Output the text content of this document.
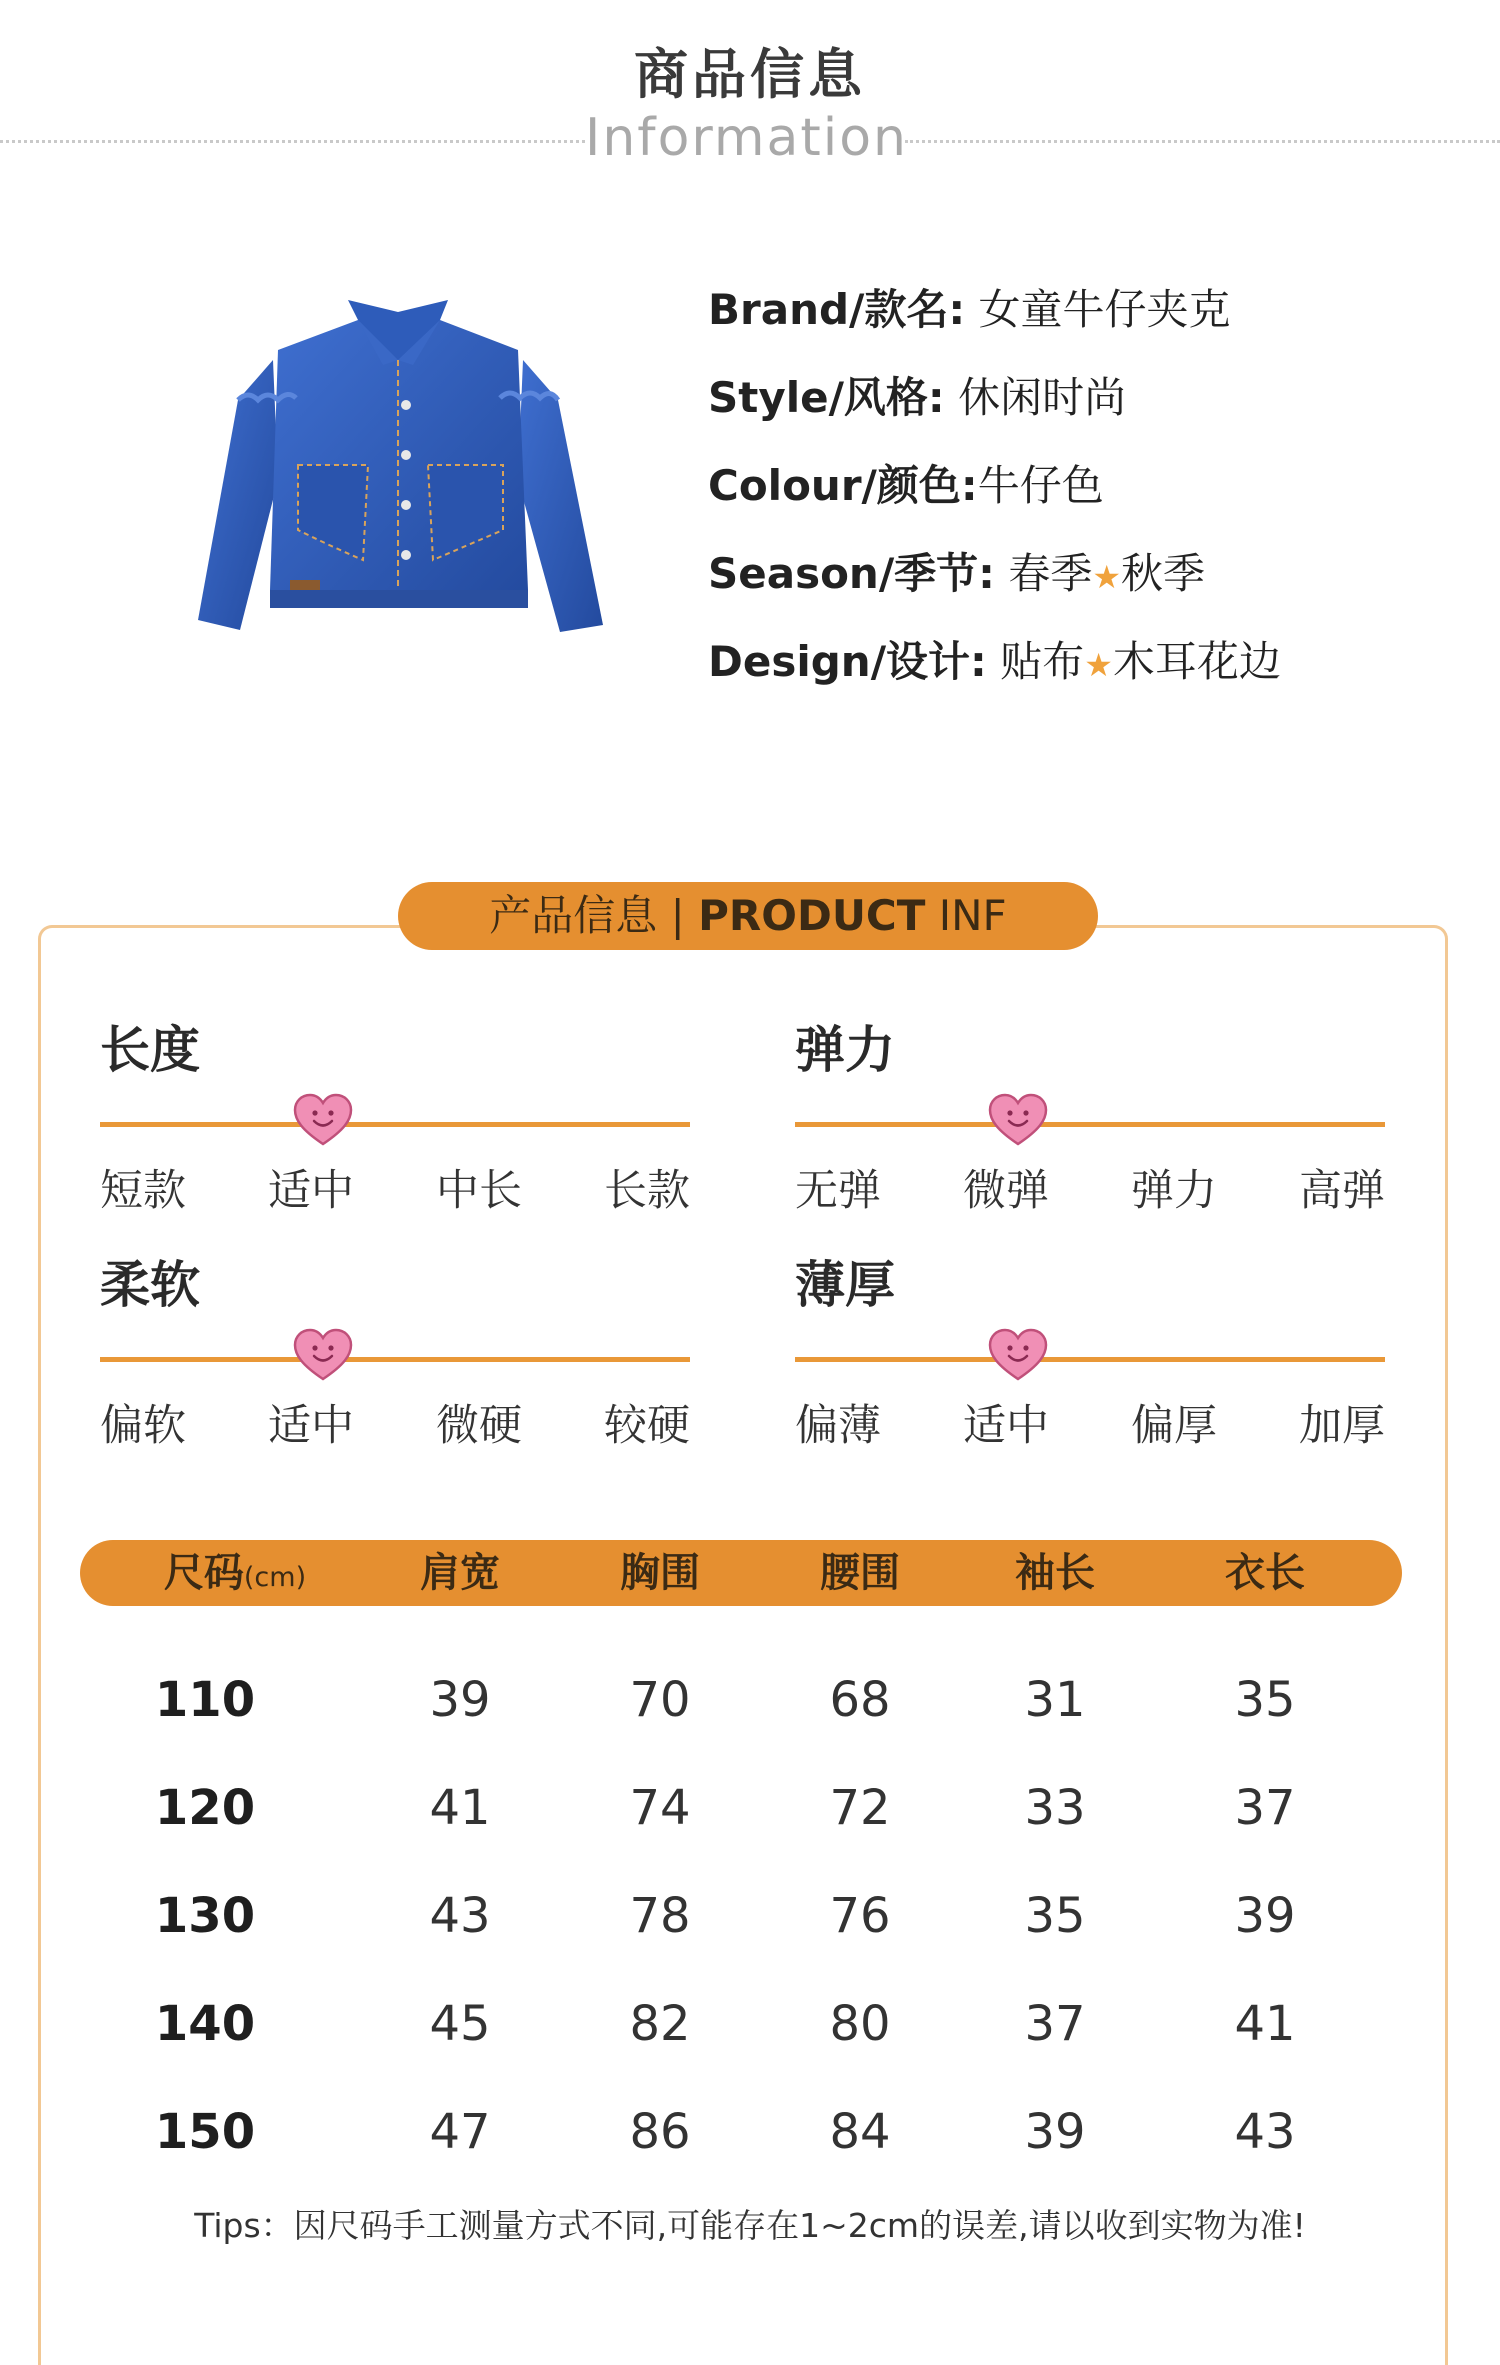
商品信息
Information
Brand/款名: 女童牛仔夹克
Style/风格: 休闲时尚
Colour/颜色:牛仔色
Season/季节: 春季★秋季
Design/设计: 贴布★木耳花边
产品信息 | PRODUCT INF
长度
短款 适中 中长 长款
弹力
无弹 微弹 弹力 高弹
柔软
偏软 适中 微硬 较硬
薄厚
偏薄 适中 偏厚 加厚
尺码(cm)	肩宽	胸围	腰围	袖长	衣长
110	39	70	68	31	35
120	41	74	72	33	37
130	43	78	76	35	39
140	45	82	80	37	41
150	47	86	84	39	43
Tips：因尺码手工测量方式不同,可能存在1~2cm的误差,请以收到实物为准!
